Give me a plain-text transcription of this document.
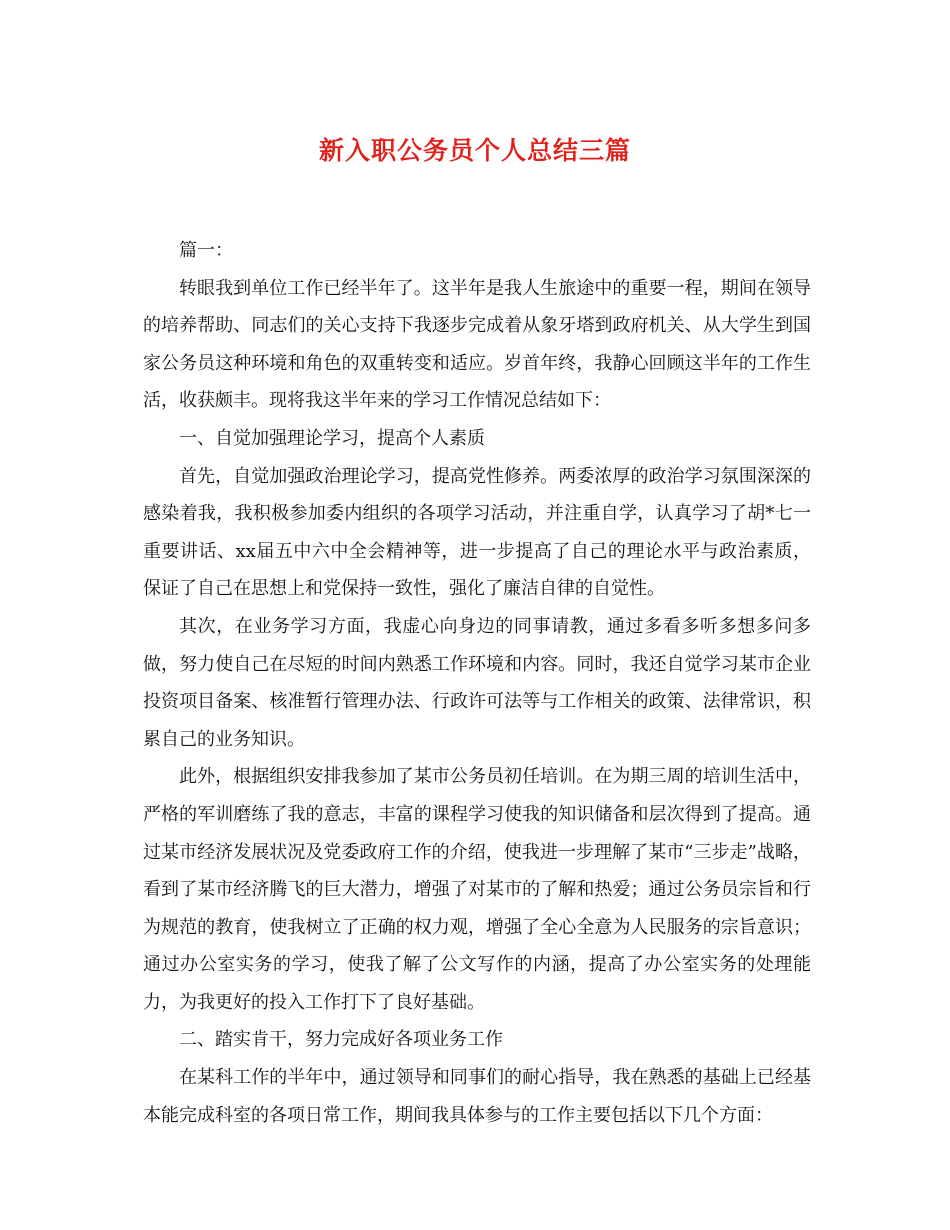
新入职公务员个人总结三篇

篇一：

转眼我到单位工作已经半年了。这半年是我人生旅途中的重要一程，期间在领导的培养帮助、同志们的关心支持下我逐步完成着从象牙塔到政府机关、从大学生到国家公务员这种环境和角色的双重转变和适应。岁首年终，我静心回顾这半年的工作生活，收获颇丰。现将我这半年来的学习工作情况总结如下：

一、自觉加强理论学习，提高个人素质

首先，自觉加强政治理论学习，提高党性修养。两委浓厚的政治学习氛围深深的感染着我，我积极参加委内组织的各项学习活动，并注重自学，认真学习了胡*七一重要讲话、xx届五中六中全会精神等，进一步提高了自己的理论水平与政治素质，保证了自己在思想上和党保持一致性，强化了廉洁自律的自觉性。

其次，在业务学习方面，我虚心向身边的同事请教，通过多看多听多想多问多做，努力使自己在尽短的时间内熟悉工作环境和内容。同时，我还自觉学习某市企业投资项目备案、核准暂行管理办法、行政许可法等与工作相关的政策、法律常识，积累自己的业务知识。

此外，根据组织安排我参加了某市公务员初任培训。在为期三周的培训生活中，严格的军训磨练了我的意志，丰富的课程学习使我的知识储备和层次得到了提高。通过某市经济发展状况及党委政府工作的介绍，使我进一步理解了某市“三步走”战略，看到了某市经济腾飞的巨大潜力，增强了对某市的了解和热爱；通过公务员宗旨和行为规范的教育，使我树立了正确的权力观，增强了全心全意为人民服务的宗旨意识；通过办公室实务的学习，使我了解了公文写作的内涵，提高了办公室实务的处理能力，为我更好的投入工作打下了良好基础。

二、踏实肯干，努力完成好各项业务工作

在某科工作的半年中，通过领导和同事们的耐心指导，我在熟悉的基础上已经基本能完成科室的各项日常工作，期间我具体参与的工作主要包括以下几个方面：
